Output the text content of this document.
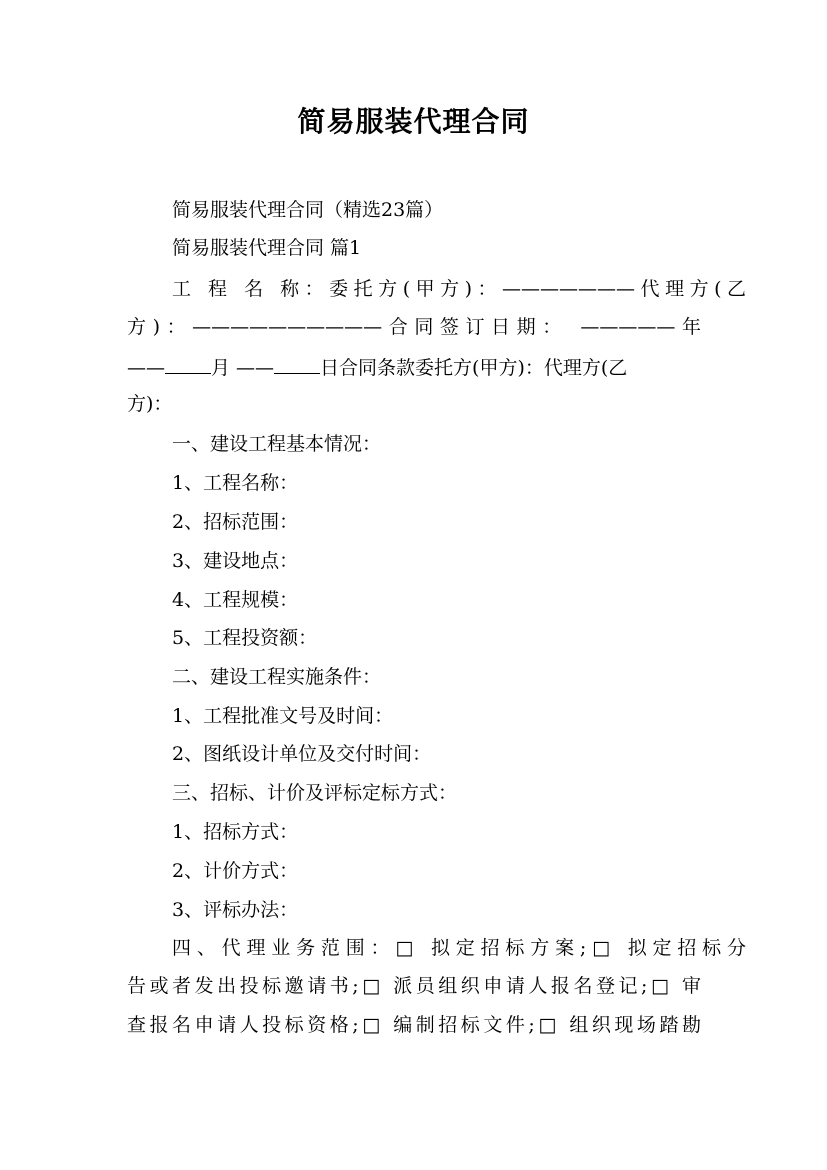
简易服装代理合同
简易服装代理合同（精选23篇）
简易服装代理合同 篇1
工 程 名 称：委托方(甲方)：———————代理方(乙
方)：——————————合同签订日期： —————年
—— 月 —— 日合同条款委托方(甲方)：代理方(乙
方)：
一、建设工程基本情况：
1、工程名称：
2、招标范围：
3、建设地点：
4、工程规模：
5、工程投资额：
二、建设工程实施条件：
1、工程批准文号及时间：
2、图纸设计单位及交付时间：
三、招标、计价及评标定标方式：
1、招标方式：
2、计价方式：
3、评标办法：
四、代理业务范围：□ 拟定招标方案;□ 拟定招标分
告或者发出投标邀请书;□ 派员组织申请人报名登记;□ 审
查报名申请人投标资格;□ 编制招标文件;□ 组织现场踏勘
